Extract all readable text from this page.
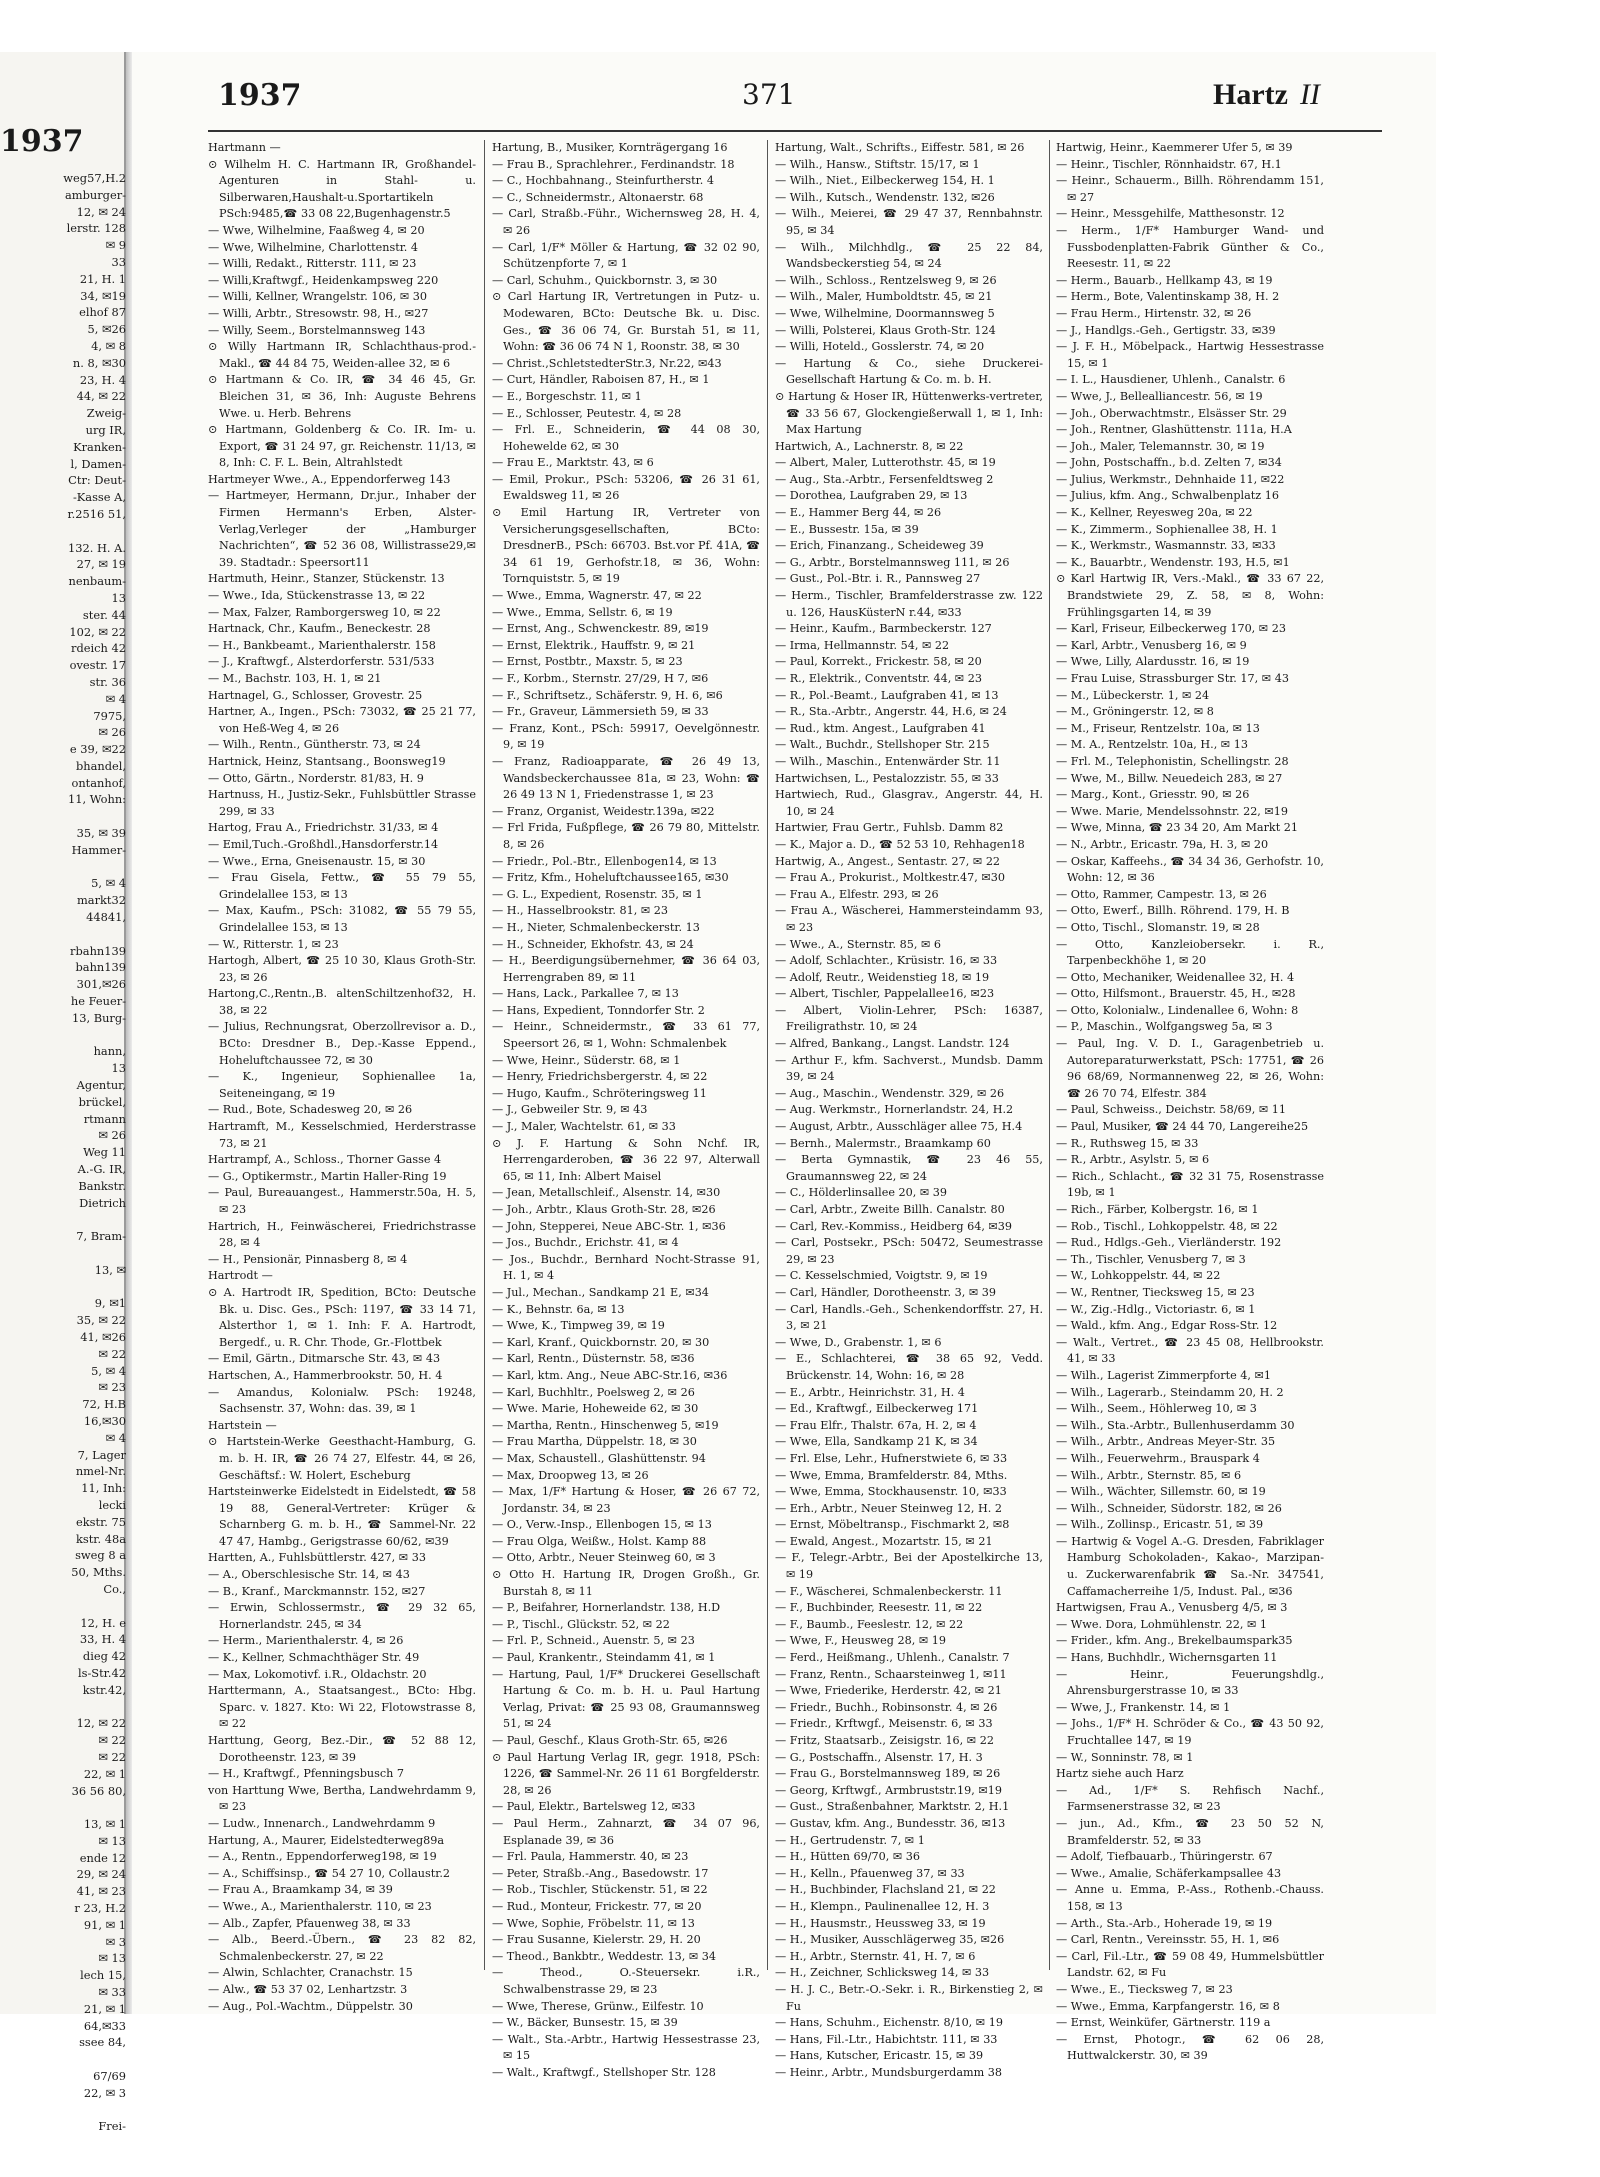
1937
weg57,H.2
amburger-
12, ✉ 24
lerstr. 128
✉ 9
33
21, H. 1
34, ✉19
elhof 87
5, ✉26
4, ✉ 8
n. 8, ✉30
23, H. 4
44, ✉ 22
Zweig-
urg IR,
Kranken-
l, Damen-
Ctr: Deut-
-Kasse A,
r.2516 51,

132. H. A.
27, ✉ 19
nenbaum-
13
ster. 44
102, ✉ 22
rdeich 42
ovestr. 17
str. 36
✉ 4
7975,
✉ 26
e 39, ✉22
bhandel,
ontanhof,
11, Wohn:

35, ✉ 39
Hammer-

5, ✉ 4
markt32
44841,

rbahn139
bahn139
301,✉26
he Feuer-
13, Burg-

hann,
13
Agentur,
brückel,
rtmann
✉ 26
Weg 11
A.-G. IR,
Bankstr.
Dietrich

7, Bram-

13, ✉

9, ✉1
35, ✉ 22
41, ✉26
✉ 22
5, ✉ 4
✉ 23
72, H.B
16,✉30
✉ 4
7, Lager
nmel-Nr.
11, Inh:
lecki
ekstr. 75
kstr. 48a
sweg 8 a
50, Mths.
Co.,

12, H. e
33, H. 4
dieg 42
ls-Str.42
kstr.42,

12, ✉ 22
✉ 22
✉ 22
22, ✉ 1
36 56 80,

13, ✉ 1
✉ 13
ende 12
29, ✉ 24
41, ✉ 23
r 23, H.2
91, ✉ 1
✉ 3
✉ 13
lech 15,
✉ 33
21, ✉ 1
64,✉33
ssee 84,

67/69
22, ✉ 3

Frei-
1937	371	Hartz II

Hartmann —

⊙ Wilhelm H. C. Hartmann IR, Großhandel-Agenturen in Stahl- u. Silberwaren,Haushalt-u.Sportartikeln PSch:9485,☎ 33 08 22,Bugenhagenstr.5

— Wwe, Wilhelmine, Faaßweg 4, ✉ 20

— Wwe, Wilhelmine, Charlottenstr. 4

— Willi, Redakt., Ritterstr. 111, ✉ 23

— Willi,Kraftwgf., Heidenkampsweg 220

— Willi, Kellner, Wrangelstr. 106, ✉ 30

— Willi, Arbtr., Stresowstr. 98, H., ✉27

— Willy, Seem., Borstelmannsweg 143

⊙ Willy Hartmann IR, Schlachthaus-prod.-Makl., ☎ 44 84 75, Weiden-allee 32, ✉ 6

⊙ Hartmann & Co. IR, ☎ 34 46 45, Gr. Bleichen 31, ✉ 36, Inh: Auguste Behrens Wwe. u. Herb. Behrens

⊙ Hartmann, Goldenberg & Co. IR. Im- u. Export, ☎ 31 24 97, gr. Reichenstr. 11/13, ✉ 8, Inh: C. F. L. Bein, Altrahlstedt

Hartmeyer Wwe., A., Eppendorferweg 143

— Hartmeyer, Hermann, Dr.jur., Inhaber der Firmen Hermann's Erben, Alster-Verlag,Verleger der „Hamburger Nachrichten“, ☎ 52 36 08, Willistrasse29,✉39. Stadtadr.: Speersort11

Hartmuth, Heinr., Stanzer, Stückenstr. 13

— Wwe., Ida, Stückenstrasse 13, ✉ 22

— Max, Falzer, Ramborgersweg 10, ✉ 22

Hartnack, Chr., Kaufm., Beneckestr. 28

— H., Bankbeamt., Marienthalerstr. 158

— J., Kraftwgf., Alsterdorferstr. 531/533

— M., Bachstr. 103, H. 1, ✉ 21

Hartnagel, G., Schlosser, Grovestr. 25

Hartner, A., Ingen., PSch: 73032, ☎ 25 21 77, von Heß-Weg 4, ✉ 26

— Wilh., Rentn., Güntherstr. 73, ✉ 24

Hartnick, Heinz, Stantsang., Boonsweg19

— Otto, Gärtn., Norderstr. 81/83, H. 9

Hartnuss, H., Justiz-Sekr., Fuhlsbüttler Strasse 299, ✉ 33

Hartog, Frau A., Friedrichstr. 31/33, ✉ 4

— Emil,Tuch.-Großhdl.,Hansdorferstr.14

— Wwe., Erna, Gneisenaustr. 15, ✉ 30

— Frau Gisela, Fettw., ☎ 55 79 55, Grindelallee 153, ✉ 13

— Max, Kaufm., PSch: 31082, ☎ 55 79 55, Grindelallee 153, ✉ 13

— W., Ritterstr. 1, ✉ 23

Hartogh, Albert, ☎ 25 10 30, Klaus Groth-Str. 23, ✉ 26

Hartong,C.,Rentn.,B. altenSchiltzenhof32, H. 38, ✉ 22

— Julius, Rechnungsrat, Oberzollrevisor a. D., BCto: Dresdner B., Dep.-Kasse Eppend., Hoheluftchaussee 72, ✉ 30

— K., Ingenieur, Sophienallee 1a, Seiteneingang, ✉ 19

— Rud., Bote, Schadesweg 20, ✉ 26

Hartramft, M., Kesselschmied, Herderstrasse 73, ✉ 21

Hartrampf, A., Schloss., Thorner Gasse 4

— G., Optikermstr., Martin Haller-Ring 19

— Paul, Bureauangest., Hammerstr.50a, H. 5, ✉ 23

Hartrich, H., Feinwäscherei, Friedrichstrasse 28, ✉ 4

— H., Pensionär, Pinnasberg 8, ✉ 4

Hartrodt —

⊙ A. Hartrodt IR, Spedition, BCto: Deutsche Bk. u. Disc. Ges., PSch: 1197, ☎ 33 14 71, Alsterthor 1, ✉ 1. Inh: F. A. Hartrodt, Bergedf., u. R. Chr. Thode, Gr.-Flottbek

— Emil, Gärtn., Ditmarsche Str. 43, ✉ 43

Hartschen, A., Hammerbrookstr. 50, H. 4

— Amandus, Kolonialw. PSch: 19248, Sachsenstr. 37, Wohn: das. 39, ✉ 1

Hartstein —

⊙ Hartstein-Werke Geesthacht-Hamburg, G. m. b. H. IR, ☎ 26 74 27, Elfestr. 44, ✉ 26, Geschäftsf.: W. Holert, Escheburg

Hartsteinwerke Eidelstedt in Eidelstedt, ☎ 58 19 88, General-Vertreter: Krüger & Scharnberg G. m. b. H., ☎ Sammel-Nr. 22 47 47, Hambg., Gerigstrasse 60/62, ✉39

Hartten, A., Fuhlsbüttlerstr. 427, ✉ 33

— A., Oberschlesische Str. 14, ✉ 43

— B., Kranf., Marckmannstr. 152, ✉27

— Erwin, Schlossermstr., ☎ 29 32 65, Hornerlandstr. 245, ✉ 34

— Herm., Marienthalerstr. 4, ✉ 26

— K., Kellner, Schmachthäger Str. 49

— Max, Lokomotivf. i.R., Oldachstr. 20

Harttermann, A., Staatsangest., BCto: Hbg. Sparc. v. 1827. Kto: Wi 22, Flotowstrasse 8, ✉ 22

Harttung, Georg, Bez.-Dir., ☎ 52 88 12, Dorotheenstr. 123, ✉ 39

— H., Kraftwgf., Pfenningsbusch 7

von Harttung Wwe, Bertha, Landwehrdamm 9, ✉ 23

— Ludw., Innenarch., Landwehrdamm 9

Hartung, A., Maurer, Eidelstedterweg89a

— A., Rentn., Eppendorferweg198, ✉ 19

— A., Schiffsinsp., ☎ 54 27 10, Collaustr.2

— Frau A., Braamkamp 34, ✉ 39

— Wwe., A., Marienthalerstr. 110, ✉ 23

— Alb., Zapfer, Pfauenweg 38, ✉ 33

— Alb., Beerd.-Übern., ☎ 23 82 82, Schmalenbeckerstr. 27, ✉ 22

— Alwin, Schlachter, Cranachstr. 15

— Alw., ☎ 53 37 02, Lenhartzstr. 3

— Aug., Pol.-Wachtm., Düppelstr. 30

Hartung, B., Musiker, Kornträgergang 16

— Frau B., Sprachlehrer., Ferdinandstr. 18

— C., Hochbahnang., Steinfurtherstr. 4

— C., Schneidermstr., Altonaerstr. 68

— Carl, Straßb.-Führ., Wichernsweg 28, H. 4, ✉ 26

— Carl, 1/F* Möller & Hartung, ☎ 32 02 90, Schützenpforte 7, ✉ 1

— Carl, Schuhm., Quickbornstr. 3, ✉ 30

⊙ Carl Hartung IR, Vertretungen in Putz- u. Modewaren, BCto: Deutsche Bk. u. Disc. Ges., ☎ 36 06 74, Gr. Burstah 51, ✉ 11, Wohn: ☎ 36 06 74 N 1, Roonstr. 38, ✉ 30

— Christ.,SchletstedterStr.3, Nr.22, ✉43

— Curt, Händler, Raboisen 87, H., ✉ 1

— E., Borgeschstr. 11, ✉ 1

— E., Schlosser, Peutestr. 4, ✉ 28

— Frl. E., Schneiderin, ☎ 44 08 30, Hohewelde 62, ✉ 30

— Frau E., Marktstr. 43, ✉ 6

— Emil, Prokur., PSch: 53206, ☎ 26 31 61, Ewaldsweg 11, ✉ 26

⊙ Emil Hartung IR, Vertreter von Versicherungsgesellschaften, BCto: DresdnerB., PSch: 66703. Bst.vor Pf. 41A, ☎ 34 61 19, Gerhofstr.18, ✉ 36, Wohn: Tornquiststr. 5, ✉ 19

— Wwe., Emma, Wagnerstr. 47, ✉ 22

— Wwe., Emma, Sellstr. 6, ✉ 19

— Ernst, Ang., Schwenckestr. 89, ✉19

— Ernst, Elektrik., Hauffstr. 9, ✉ 21

— Ernst, Postbtr., Maxstr. 5, ✉ 23

— F., Korbm., Sternstr. 27/29, H 7, ✉6

— F., Schriftsetz., Schäferstr. 9, H. 6, ✉6

— Fr., Graveur, Lämmersieth 59, ✉ 33

— Franz, Kont., PSch: 59917, Oevelgönnestr. 9, ✉ 19

— Franz, Radioapparate, ☎ 26 49 13, Wandsbeckerchaussee 81a, ✉ 23, Wohn: ☎ 26 49 13 N 1, Friedenstrasse 1, ✉ 23

— Franz, Organist, Weidestr.139a, ✉22

— Frl Frida, Fußpflege, ☎ 26 79 80, Mittelstr. 8, ✉ 26

— Friedr., Pol.-Btr., Ellenbogen14, ✉ 13

— Fritz, Kfm., Hoheluftchaussee165, ✉30

— G. L., Expedient, Rosenstr. 35, ✉ 1

— H., Hasselbrookstr. 81, ✉ 23

— H., Nieter, Schmalenbeckerstr. 13

— H., Schneider, Ekhofstr. 43, ✉ 24

— H., Beerdigungsübernehmer, ☎ 36 64 03, Herrengraben 89, ✉ 11

— Hans, Lack., Parkallee 7, ✉ 13

— Hans, Expedient, Tonndorfer Str. 2

— Heinr., Schneidermstr., ☎ 33 61 77, Speersort 26, ✉ 1, Wohn: Schmalenbek

— Wwe, Heinr., Süderstr. 68, ✉ 1

— Henry, Friedrichsbergerstr. 4, ✉ 22

— Hugo, Kaufm., Schröteringsweg 11

— J., Gebweiler Str. 9, ✉ 43

— J., Maler, Wachtelstr. 61, ✉ 33

⊙ J. F. Hartung & Sohn Nchf. IR, Herrengarderoben, ☎ 36 22 97, Alterwall 65, ✉ 11, Inh: Albert Maisel

— Jean, Metallschleif., Alsenstr. 14, ✉30

— Joh., Arbtr., Klaus Groth-Str. 28, ✉26

— John, Stepperei, Neue ABC-Str. 1, ✉36

— Jos., Buchdr., Erichstr. 41, ✉ 4

— Jos., Buchdr., Bernhard Nocht-Strasse 91, H. 1, ✉ 4

— Jul., Mechan., Sandkamp 21 E, ✉34

— K., Behnstr. 6a, ✉ 13

— Wwe, K., Timpweg 39, ✉ 19

— Karl, Kranf., Quickbornstr. 20, ✉ 30

— Karl, Rentn., Düsternstr. 58, ✉36

— Karl, ktm. Ang., Neue ABC-Str.16, ✉36

— Karl, Buchhltr., Poelsweg 2, ✉ 26

— Wwe. Marie, Hoheweide 62, ✉ 30

— Martha, Rentn., Hinschenweg 5, ✉19

— Frau Martha, Düppelstr. 18, ✉ 30

— Max, Schaustell., Glashüttenstr. 94

— Max, Droopweg 13, ✉ 26

— Max, 1/F* Hartung & Hoser, ☎ 26 67 72, Jordanstr. 34, ✉ 23

— O., Verw.-Insp., Ellenbogen 15, ✉ 13

— Frau Olga, Weißw., Holst. Kamp 88

— Otto, Arbtr., Neuer Steinweg 60, ✉ 3

⊙ Otto H. Hartung IR, Drogen Großh., Gr. Burstah 8, ✉ 11

— P., Beifahrer, Hornerlandstr. 138, H.D

— P., Tischl., Glückstr. 52, ✉ 22

— Frl. P., Schneid., Auenstr. 5, ✉ 23

— Paul, Krankentr., Steindamm 41, ✉ 1

— Hartung, Paul, 1/F* Druckerei Gesellschaft Hartung & Co. m. b. H. u. Paul Hartung Verlag, Privat: ☎ 25 93 08, Graumannsweg 51, ✉ 24

— Paul, Geschf., Klaus Groth-Str. 65, ✉26

⊙ Paul Hartung Verlag IR, gegr. 1918, PSch: 1226, ☎ Sammel-Nr. 26 11 61 Borgfelderstr. 28, ✉ 26

— Paul, Elektr., Bartelsweg 12, ✉33

— Paul Herm., Zahnarzt, ☎ 34 07 96, Esplanade 39, ✉ 36

— Frl. Paula, Hammerstr. 40, ✉ 23

— Peter, Straßb.-Ang., Basedowstr. 17

— Rob., Tischler, Stückenstr. 51, ✉ 22

— Rud., Monteur, Frickestr. 77, ✉ 20

— Wwe, Sophie, Fröbelstr. 11, ✉ 13

— Frau Susanne, Kielerstr. 29, H. 20

— Theod., Bankbtr., Weddestr. 13, ✉ 34

— Theod., O.-Steuersekr. i.R., Schwalbenstrasse 29, ✉ 23

— Wwe, Therese, Grünw., Eilfestr. 10

— W., Bäcker, Bunsestr. 15, ✉ 39

— Walt., Sta.-Arbtr., Hartwig Hessestrasse 23, ✉ 15

— Walt., Kraftwgf., Stellshoper Str. 128

Hartung, Walt., Schrifts., Eiffestr. 581, ✉ 26

— Wilh., Hansw., Stiftstr. 15/17, ✉ 1

— Wilh., Niet., Eilbeckerweg 154, H. 1

— Wilh., Kutsch., Wendenstr. 132, ✉26

— Wilh., Meierei, ☎ 29 47 37, Rennbahnstr. 95, ✉ 34

— Wilh., Milchhdlg., ☎ 25 22 84, Wandsbeckerstieg 54, ✉ 24

— Wilh., Schloss., Rentzelsweg 9, ✉ 26

— Wilh., Maler, Humboldtstr. 45, ✉ 21

— Wwe, Wilhelmine, Doormannsweg 5

— Willi, Polsterei, Klaus Groth-Str. 124

— Willi, Hoteld., Gosslerstr. 74, ✉ 20

— Hartung & Co., siehe Druckerei-Gesellschaft Hartung & Co. m. b. H.

⊙ Hartung & Hoser IR, Hüttenwerks-vertreter, ☎ 33 56 67, Glockengießerwall 1, ✉ 1, Inh: Max Hartung

Hartwich, A., Lachnerstr. 8, ✉ 22

— Albert, Maler, Lutterothstr. 45, ✉ 19

— Aug., Sta.-Arbtr., Fersenfeldtsweg 2

— Dorothea, Laufgraben 29, ✉ 13

— E., Hammer Berg 44, ✉ 26

— E., Bussestr. 15a, ✉ 39

— Erich, Finanzang., Scheideweg 39

— G., Arbtr., Borstelmannsweg 111, ✉ 26

— Gust., Pol.-Btr. i. R., Pannsweg 27

— Herm., Tischler, Bramfelderstrasse zw. 122 u. 126, HausKüsterN r.44, ✉33

— Heinr., Kaufm., Barmbeckerstr. 127

— Irma, Hellmannstr. 54, ✉ 22

— Paul, Korrekt., Frickestr. 58, ✉ 20

— R., Elektrik., Conventstr. 44, ✉ 23

— R., Pol.-Beamt., Laufgraben 41, ✉ 13

— R., Sta.-Arbtr., Angerstr. 44, H.6, ✉ 24

— Rud., ktm. Angest., Laufgraben 41

— Walt., Buchdr., Stellshoper Str. 215

— Wilh., Maschin., Entenwärder Str. 11

Hartwichsen, L., Pestalozzistr. 55, ✉ 33

Hartwiech, Rud., Glasgrav., Angerstr. 44, H. 10, ✉ 24

Hartwier, Frau Gertr., Fuhlsb. Damm 82

— K., Major a. D., ☎ 52 53 10, Rehhagen18

Hartwig, A., Angest., Sentastr. 27, ✉ 22

— Frau A., Prokurist., Moltkestr.47, ✉30

— Frau A., Elfestr. 293, ✉ 26

— Frau A., Wäscherei, Hammersteindamm 93, ✉ 23

— Wwe., A., Sternstr. 85, ✉ 6

— Adolf, Schlachter., Krüsistr. 16, ✉ 33

— Adolf, Reutr., Weidenstieg 18, ✉ 19

— Albert, Tischler, Pappelallee16, ✉23

— Albert, Violin-Lehrer, PSch: 16387, Freiligrathstr. 10, ✉ 24

— Alfred, Bankang., Langst. Landstr. 124

— Arthur F., kfm. Sachverst., Mundsb. Damm 39, ✉ 24

— Aug., Maschin., Wendenstr. 329, ✉ 26

— Aug. Werkmstr., Hornerlandstr. 24, H.2

— August, Arbtr., Ausschläger allee 75, H.4

— Bernh., Malermstr., Braamkamp 60

— Berta Gymnastik, ☎ 23 46 55, Graumannsweg 22, ✉ 24

— C., Hölderlinsallee 20, ✉ 39

— Carl, Arbtr., Zweite Billh. Canalstr. 80

— Carl, Rev.-Kommiss., Heidberg 64, ✉39

— Carl, Postsekr., PSch: 50472, Seumestrasse 29, ✉ 23

— C. Kesselschmied, Voigtstr. 9, ✉ 19

— Carl, Händler, Dorotheenstr. 3, ✉ 39

— Carl, Handls.-Geh., Schenkendorffstr. 27, H. 3, ✉ 21

— Wwe, D., Grabenstr. 1, ✉ 6

— E., Schlachterei, ☎ 38 65 92, Vedd. Brückenstr. 14, Wohn: 16, ✉ 28

— E., Arbtr., Heinrichstr. 31, H. 4

— Ed., Kraftwgf., Eilbeckerweg 171

— Frau Elfr., Thalstr. 67a, H. 2, ✉ 4

— Wwe, Ella, Sandkamp 21 K, ✉ 34

— Frl. Else, Lehr., Hufnerstwiete 6, ✉ 33

— Wwe, Emma, Bramfelderstr. 84, Mths.

— Wwe, Emma, Stockhausenstr. 10, ✉33

— Erh., Arbtr., Neuer Steinweg 12, H. 2

— Ernst, Möbeltransp., Fischmarkt 2, ✉8

— Ewald, Angest., Mozartstr. 15, ✉ 21

— F., Telegr.-Arbtr., Bei der Apostelkirche 13, ✉ 19

— F., Wäscherei, Schmalenbeckerstr. 11

— F., Buchbinder, Reesestr. 11, ✉ 22

— F., Baumb., Feeslestr. 12, ✉ 22

— Wwe, F., Heusweg 28, ✉ 19

— Ferd., Heißmang., Uhlenh., Canalstr. 7

— Franz, Rentn., Schaarsteinweg 1, ✉11

— Wwe, Friederike, Herderstr. 42, ✉ 21

— Friedr., Buchh., Robinsonstr. 4, ✉ 26

— Friedr., Krftwgf., Meisenstr. 6, ✉ 33

— Fritz, Staatsarb., Zeisigstr. 16, ✉ 22

— G., Postschaffn., Alsenstr. 17, H. 3

— Frau G., Borstelmannsweg 189, ✉ 26

— Georg, Krftwgf., Armbruststr.19, ✉19

— Gust., Straßenbahner, Marktstr. 2, H.1

— Gustav, kfm. Ang., Bundesstr. 36, ✉13

— H., Gertrudenstr. 7, ✉ 1

— H., Hütten 69/70, ✉ 36

— H., Kelln., Pfauenweg 37, ✉ 33

— H., Buchbinder, Flachsland 21, ✉ 22

— H., Klempn., Paulinenallee 12, H. 3

— H., Hausmstr., Heussweg 33, ✉ 19

— H., Musiker, Ausschlägerweg 35, ✉26

— H., Arbtr., Sternstr. 41, H. 7, ✉ 6

— H., Zeichner, Schlicksweg 14, ✉ 33

— H. J. C., Betr.-O.-Sekr. i. R., Birkenstieg 2, ✉ Fu

— Hans, Schuhm., Eichenstr. 8/10, ✉ 19

— Hans, Fil.-Ltr., Habichtstr. 111, ✉ 33

— Hans, Kutscher, Ericastr. 15, ✉ 39

— Heinr., Arbtr., Mundsburgerdamm 38

Hartwig, Heinr., Kaemmerer Ufer 5, ✉ 39

— Heinr., Tischler, Rönnhaidstr. 67, H.1

— Heinr., Schauerm., Billh. Röhrendamm 151, ✉ 27

— Heinr., Messgehilfe, Matthesonstr. 12

— Herm., 1/F* Hamburger Wand- und Fussbodenplatten-Fabrik Günther & Co., Reesestr. 11, ✉ 22

— Herm., Bauarb., Hellkamp 43, ✉ 19

— Herm., Bote, Valentinskamp 38, H. 2

— Frau Herm., Hirtenstr. 32, ✉ 26

— J., Handlgs.-Geh., Gertigstr. 33, ✉39

— J. F. H., Möbelpack., Hartwig Hessestrasse 15, ✉ 1

— I. L., Hausdiener, Uhlenh., Canalstr. 6

— Wwe, J., Bellealliancestr. 56, ✉ 19

— Joh., Oberwachtmstr., Elsässer Str. 29

— Joh., Rentner, Glashüttenstr. 111a, H.A

— Joh., Maler, Telemannstr. 30, ✉ 19

— John, Postschaffn., b.d. Zelten 7, ✉34

— Julius, Werkmstr., Dehnhaide 11, ✉22

— Julius, kfm. Ang., Schwalbenplatz 16

— K., Kellner, Reyesweg 20a, ✉ 22

— K., Zimmerm., Sophienallee 38, H. 1

— K., Werkmstr., Wasmannstr. 33, ✉33

— K., Bauarbtr., Wendenstr. 193, H.5, ✉1

⊙ Karl Hartwig IR, Vers.-Makl., ☎ 33 67 22, Brandstwiete 29, Z. 58, ✉ 8, Wohn: Frühlingsgarten 14, ✉ 39

— Karl, Friseur, Eilbeckerweg 170, ✉ 23

— Karl, Arbtr., Venusberg 16, ✉ 9

— Wwe, Lilly, Alardusstr. 16, ✉ 19

— Frau Luise, Strassburger Str. 17, ✉ 43

— M., Lübeckerstr. 1, ✉ 24

— M., Gröningerstr. 12, ✉ 8

— M., Friseur, Rentzelstr. 10a, ✉ 13

— M. A., Rentzelstr. 10a, H., ✉ 13

— Frl. M., Telephonistin, Schellingstr. 28

— Wwe, M., Billw. Neuedeich 283, ✉ 27

— Marg., Kont., Griesstr. 90, ✉ 26

— Wwe. Marie, Mendelssohnstr. 22, ✉19

— Wwe, Minna, ☎ 23 34 20, Am Markt 21

— N., Arbtr., Ericastr. 79a, H. 3, ✉ 20

— Oskar, Kaffeehs., ☎ 34 34 36, Gerhofstr. 10, Wohn: 12, ✉ 36

— Otto, Rammer, Campestr. 13, ✉ 26

— Otto, Ewerf., Billh. Röhrend. 179, H. B

— Otto, Tischl., Slomanstr. 19, ✉ 28

— Otto, Kanzleiobersekr. i. R., Tarpenbeckhöhe 1, ✉ 20

— Otto, Mechaniker, Weidenallee 32, H. 4

— Otto, Hilfsmont., Brauerstr. 45, H., ✉28

— Otto, Kolonialw., Lindenallee 6, Wohn: 8

— P., Maschin., Wolfgangsweg 5a, ✉ 3

— Paul, Ing. V. D. I., Garagenbetrieb u. Autoreparaturwerkstatt, PSch: 17751, ☎ 26 96 68/69, Normannenweg 22, ✉ 26, Wohn: ☎ 26 70 74, Elfestr. 384

— Paul, Schweiss., Deichstr. 58/69, ✉ 11

— Paul, Musiker, ☎ 24 44 70, Langereihe25

— R., Ruthsweg 15, ✉ 33

— R., Arbtr., Asylstr. 5, ✉ 6

— Rich., Schlacht., ☎ 32 31 75, Rosenstrasse 19b, ✉ 1

— Rich., Färber, Kolbergstr. 16, ✉ 1

— Rob., Tischl., Lohkoppelstr. 48, ✉ 22

— Rud., Hdlgs.-Geh., Vierländerstr. 192

— Th., Tischler, Venusberg 7, ✉ 3

— W., Lohkoppelstr. 44, ✉ 22

— W., Rentner, Tiecksweg 15, ✉ 23

— W., Zig.-Hdlg., Victoriastr. 6, ✉ 1

— Wald., kfm. Ang., Edgar Ross-Str. 12

— Walt., Vertret., ☎ 23 45 08, Hellbrookstr. 41, ✉ 33

— Wilh., Lagerist Zimmerpforte 4, ✉1

— Wilh., Lagerarb., Steindamm 20, H. 2

— Wilh., Seem., Höhlerweg 10, ✉ 3

— Wilh., Sta.-Arbtr., Bullenhuserdamm 30

— Wilh., Arbtr., Andreas Meyer-Str. 35

— Wilh., Feuerwehrm., Brauspark 4

— Wilh., Arbtr., Sternstr. 85, ✉ 6

— Wilh., Wächter, Sillemstr. 60, ✉ 19

— Wilh., Schneider, Südorstr. 182, ✉ 26

— Wilh., Zollinsp., Ericastr. 51, ✉ 39

— Hartwig & Vogel A.-G. Dresden, Fabriklager Hamburg Schokoladen-, Kakao-, Marzipan- u. Zuckerwarenfabrik ☎ Sa.-Nr. 347541, Caffamacherreihe 1/5, Indust. Pal., ✉36

Hartwigsen, Frau A., Venusberg 4/5, ✉ 3

— Wwe. Dora, Lohmühlenstr. 22, ✉ 1

— Frider., kfm. Ang., Brekelbaumspark35

— Hans, Buchhdlr., Wichernsgarten 11

— Heinr., Feuerungshdlg., Ahrensburgerstrasse 10, ✉ 33

— Wwe, J., Frankenstr. 14, ✉ 1

— Johs., 1/F* H. Schröder & Co., ☎ 43 50 92, Fruchtallee 147, ✉ 19

— W., Sonninstr. 78, ✉ 1

Hartz siehe auch Harz

— Ad., 1/F* S. Rehfisch Nachf., Farmsenerstrasse 32, ✉ 23

— jun., Ad., Kfm., ☎ 23 50 52 N, Bramfelderstr. 52, ✉ 33

— Adolf, Tiefbauarb., Thüringerstr. 67

— Wwe., Amalie, Schäferkampsallee 43

— Anne u. Emma, P.-Ass., Rothenb.-Chauss. 158, ✉ 13

— Arth., Sta.-Arb., Hoherade 19, ✉ 19

— Carl, Rentn., Vereinsstr. 55, H. 1, ✉6

— Carl, Fil.-Ltr., ☎ 59 08 49, Hummelsbüttler Landstr. 62, ✉ Fu

— Wwe., E., Tiecksweg 7, ✉ 23

— Wwe., Emma, Karpfangerstr. 16, ✉ 8

— Ernst, Weinküfer, Gärtnerstr. 119 a

— Ernst, Photogr., ☎ 62 06 28, Huttwalckerstr. 30, ✉ 39
